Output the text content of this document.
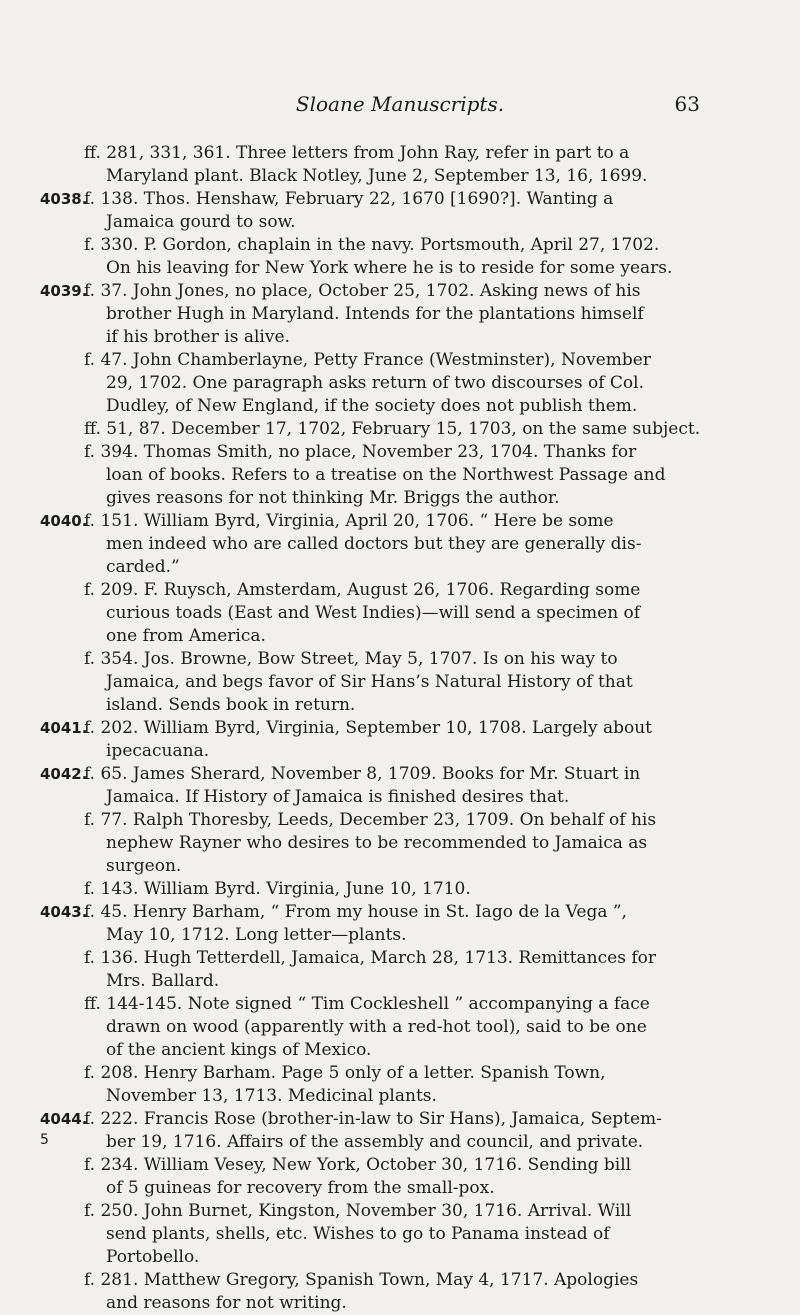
Sloane Manuscripts.	63
ff. 281, 331, 361. Three letters from John Ray, refer in part to a
Maryland plant. Black Notley, June 2, September 13, 16, 1699.
4038.
f. 138. Thos. Henshaw, February 22, 1670 [1690?]. Wanting a
Jamaica gourd to sow.
f. 330. P. Gordon, chaplain in the navy. Portsmouth, April 27, 1702.
On his leaving for New York where he is to reside for some years.
4039.
f. 37. John Jones, no place, October 25, 1702. Asking news of his
brother Hugh in Maryland. Intends for the plantations himself
if his brother is alive.
f. 47. John Chamberlayne, Petty France (Westminster), November
29, 1702. One paragraph asks return of two discourses of Col.
Dudley, of New England, if the society does not publish them.
ff. 51, 87. December 17, 1702, February 15, 1703, on the same subject.
f. 394. Thomas Smith, no place, November 23, 1704. Thanks for
loan of books. Refers to a treatise on the Northwest Passage and
gives reasons for not thinking Mr. Briggs the author.
4040.
f. 151. William Byrd, Virginia, April 20, 1706. “ Here be some
men indeed who are called doctors but they are generally dis-
carded.”
f. 209. F. Ruysch, Amsterdam, August 26, 1706. Regarding some
curious toads (East and West Indies)—will send a specimen of
one from America.
f. 354. Jos. Browne, Bow Street, May 5, 1707. Is on his way to
Jamaica, and begs favor of Sir Hans’s Natural History of that
island. Sends book in return.
4041.
f. 202. William Byrd, Virginia, September 10, 1708. Largely about
ipecacuana.
4042.
f. 65. James Sherard, November 8, 1709. Books for Mr. Stuart in
Jamaica. If History of Jamaica is finished desires that.
f. 77. Ralph Thoresby, Leeds, December 23, 1709. On behalf of his
nephew Rayner who desires to be recommended to Jamaica as
surgeon.
f. 143. William Byrd. Virginia, June 10, 1710.
4043.
f. 45. Henry Barham, “ From my house in St. Iago de la Vega ”,
May 10, 1712. Long letter—plants.
f. 136. Hugh Tetterdell, Jamaica, March 28, 1713. Remittances for
Mrs. Ballard.
ff. 144-145. Note signed “ Tim Cockleshell ” accompanying a face
drawn on wood (apparently with a red-hot tool), said to be one
of the ancient kings of Mexico.
f. 208. Henry Barham. Page 5 only of a letter. Spanish Town,
November 13, 1713. Medicinal plants.
4044.
f. 222. Francis Rose (brother-in-law to Sir Hans), Jamaica, Septem-
ber 19, 1716. Affairs of the assembly and council, and private.
f. 234. William Vesey, New York, October 30, 1716. Sending bill
of 5 guineas for recovery from the small-pox.
f. 250. John Burnet, Kingston, November 30, 1716. Arrival. Will
send plants, shells, etc. Wishes to go to Panama instead of
Portobello.
f. 281. Matthew Gregory, Spanish Town, May 4, 1717. Apologies
and reasons for not writing.
5
